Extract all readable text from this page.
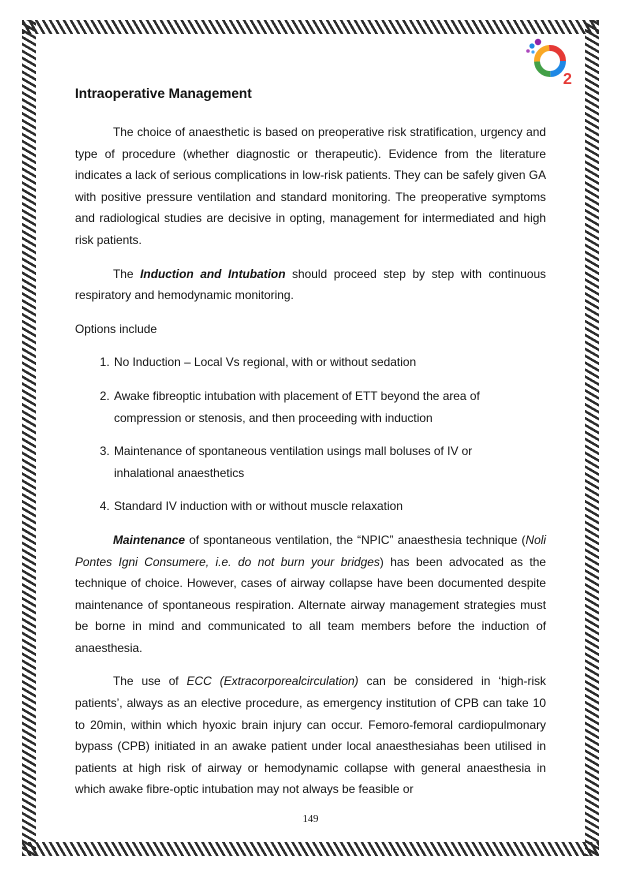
2
Intraoperative Management

The choice of anaesthetic is based on preoperative risk stratification, urgency and type of procedure (whether diagnostic or therapeutic). Evidence from the literature indicates a lack of serious complications in low-risk patients. They can be safely given GA with positive pressure ventilation and standard monitoring. The preoperative symptoms and radiological studies are decisive in opting, management for intermediated and high risk patients.

The Induction and Intubation should proceed step by step with continuous respiratory and hemodynamic monitoring.

Options include

1. No Induction – Local Vs regional, with or without sedation
2. Awake fibreoptic intubation with placement of ETT beyond the area of compression or stenosis, and then proceeding with induction
3. Maintenance of spontaneous ventilation usings mall boluses of IV or inhalational anaesthetics
4. Standard IV induction with or without muscle relaxation

Maintenance of spontaneous ventilation, the “NPIC” anaesthesia technique (Noli Pontes Igni Consumere, i.e. do not burn your bridges) has been advocated as the technique of choice. However, cases of airway collapse have been documented despite maintenance of spontaneous respiration. Alternate airway management strategies must be borne in mind and communicated to all team members before the induction of anaesthesia.

The use of ECC (Extracorporealcirculation) can be considered in ‘high-risk patients’, always as an elective procedure, as emergency institution of CPB can take 10 to 20min, within which hyoxic brain injury can occur. Femoro-femoral cardiopulmonary bypass (CPB) initiated in an awake patient under local anaesthesiahas been utilised in patients at high risk of airway or hemodynamic collapse with general anaesthesia in which awake fibre-optic intubation may not always be feasible or

149
